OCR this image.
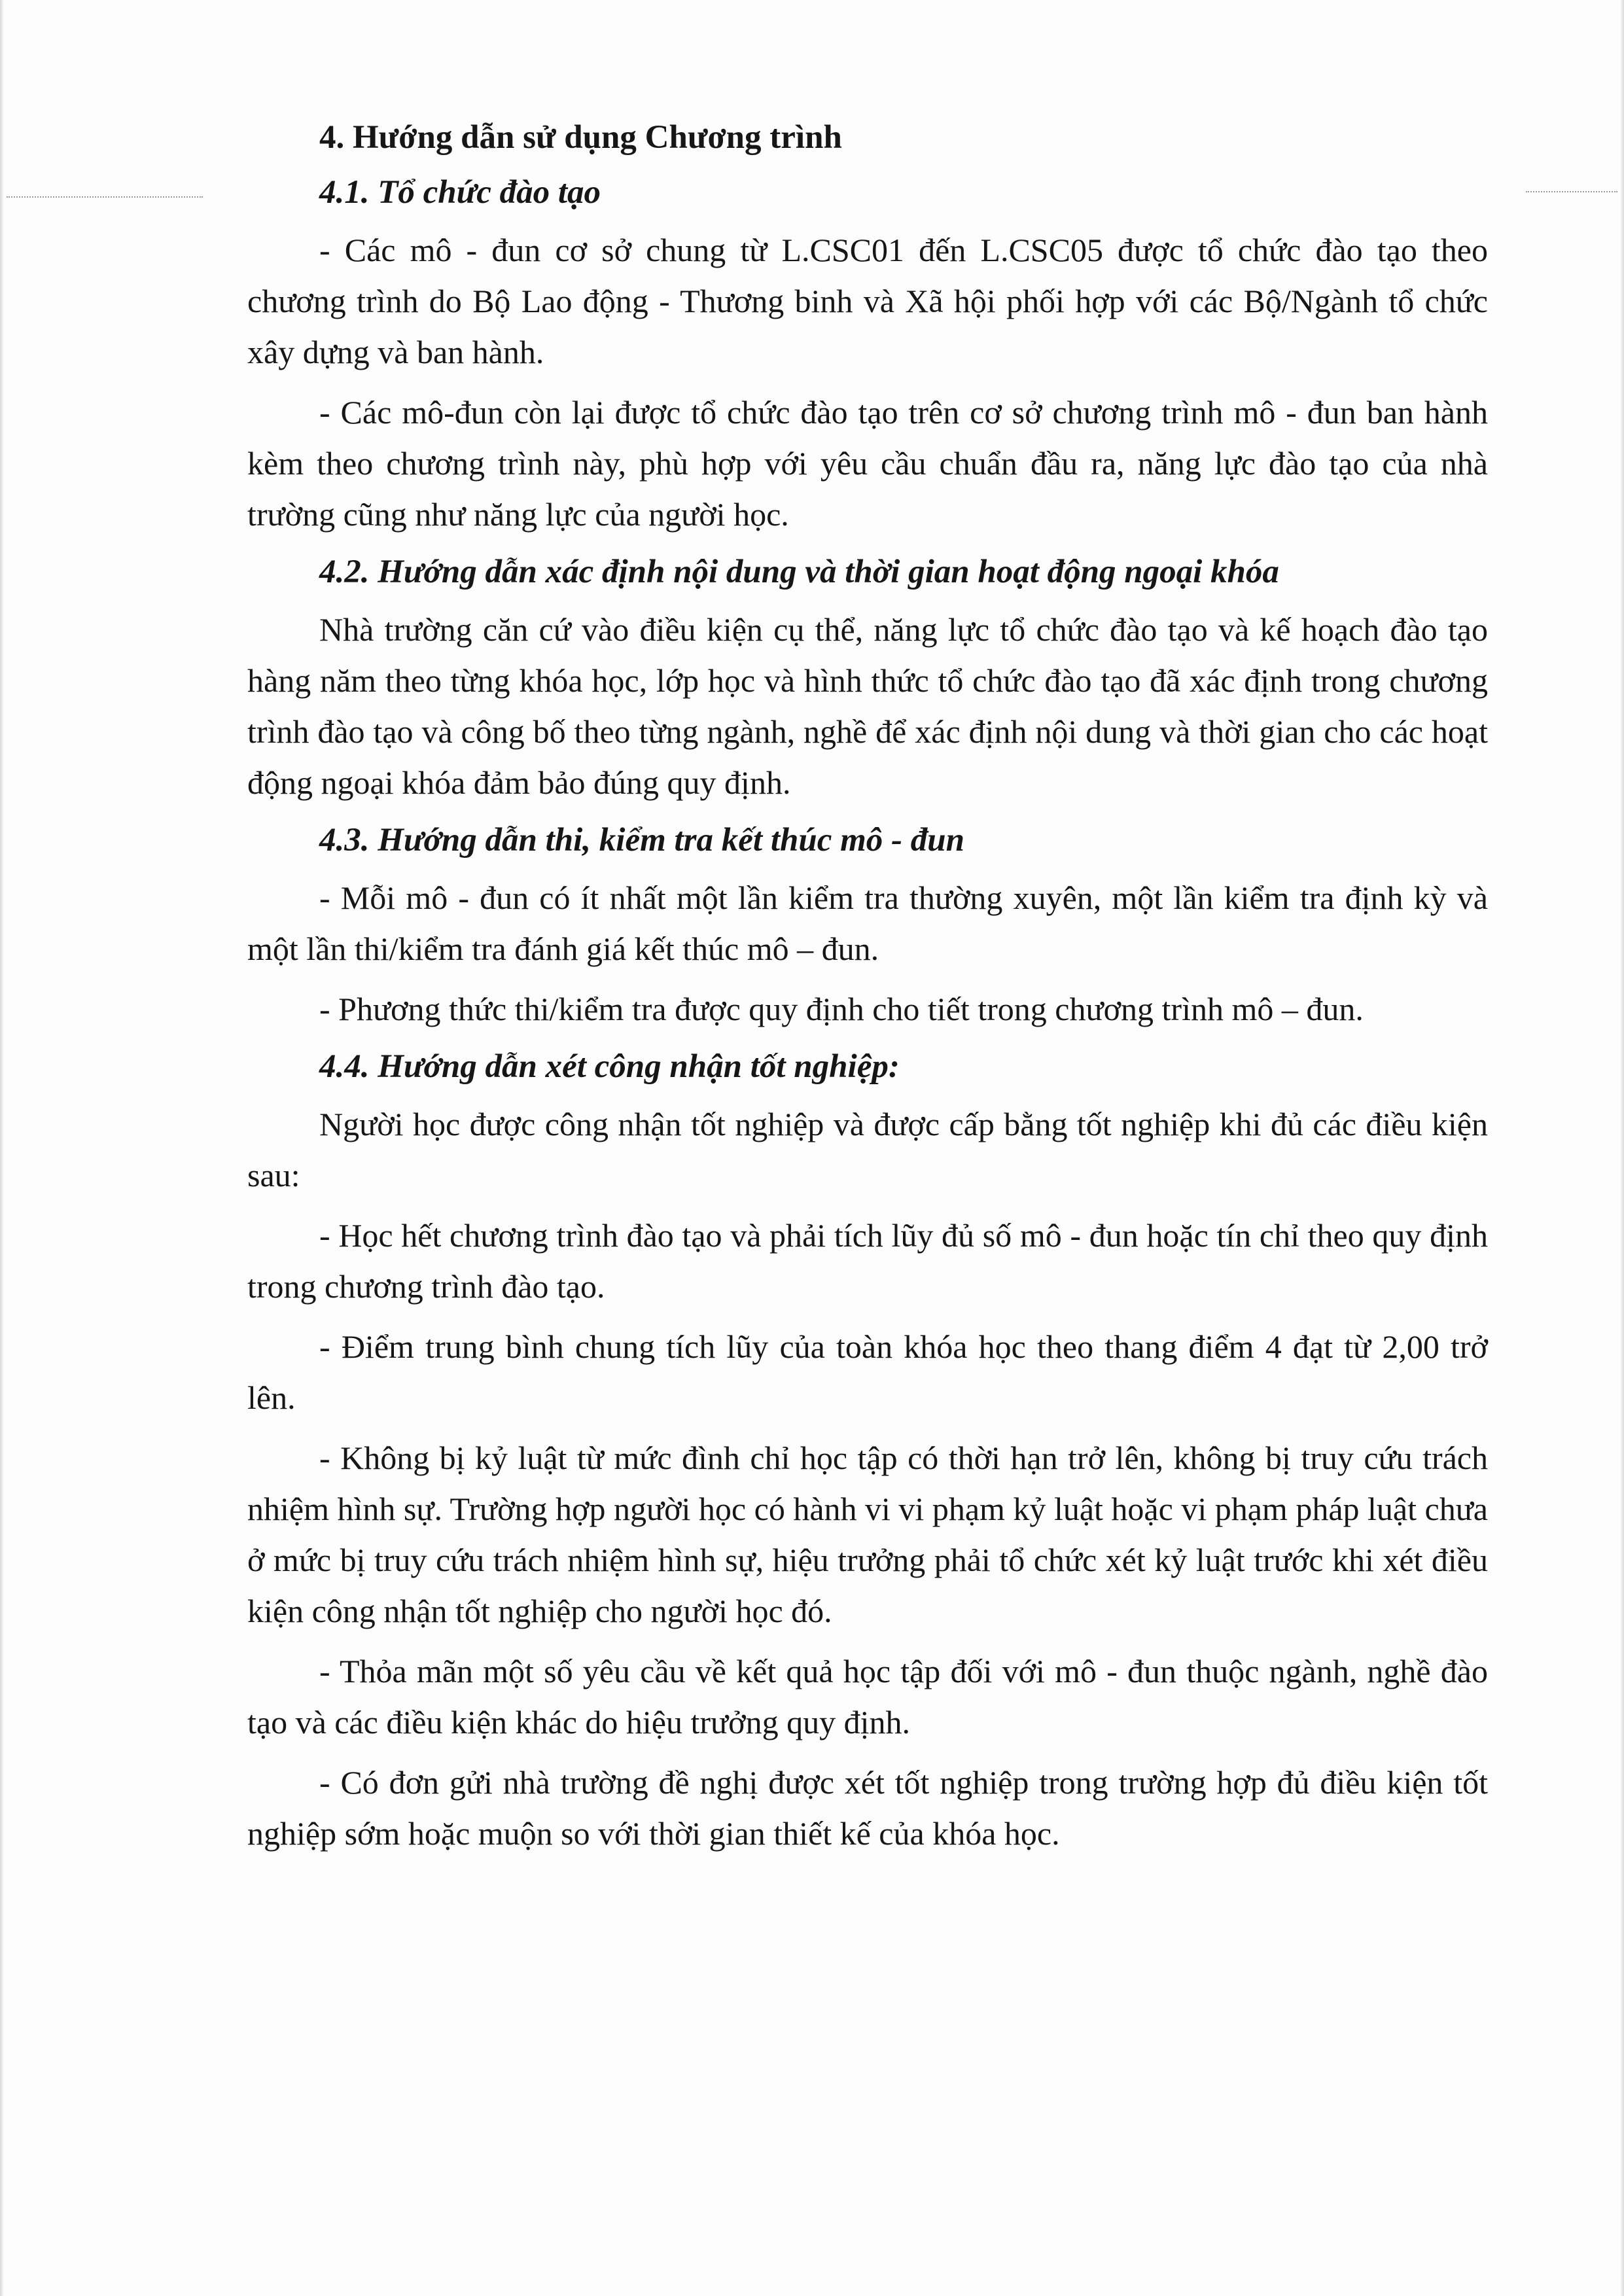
4. Hướng dẫn sử dụng Chương trình
4.1. Tổ chức đào tạo

- Các mô - đun cơ sở chung từ L.CSC01 đến L.CSC05 được tổ chức đào tạo theo chương trình do Bộ Lao động - Thương binh và Xã hội phối hợp với các Bộ/Ngành tổ chức xây dựng và ban hành.

- Các mô-đun còn lại được tổ chức đào tạo trên cơ sở chương trình mô - đun ban hành kèm theo chương trình này, phù hợp với yêu cầu chuẩn đầu ra, năng lực đào tạo của nhà trường cũng như năng lực của người học.

4.2. Hướng dẫn xác định nội dung và thời gian hoạt động ngoại khóa

Nhà trường căn cứ vào điều kiện cụ thể, năng lực tổ chức đào tạo và kế hoạch đào tạo hàng năm theo từng khóa học, lớp học và hình thức tổ chức đào tạo đã xác định trong chương trình đào tạo và công bố theo từng ngành, nghề để xác định nội dung và thời gian cho các hoạt động ngoại khóa đảm bảo đúng quy định.

4.3. Hướng dẫn thi, kiểm tra kết thúc mô - đun

- Mỗi mô - đun có ít nhất một lần kiểm tra thường xuyên, một lần kiểm tra định kỳ và một lần thi/kiểm tra đánh giá kết thúc mô – đun.

- Phương thức thi/kiểm tra được quy định cho tiết trong chương trình mô – đun.

4.4. Hướng dẫn xét công nhận tốt nghiệp:

Người học được công nhận tốt nghiệp và được cấp bằng tốt nghiệp khi đủ các điều kiện sau:

- Học hết chương trình đào tạo và phải tích lũy đủ số mô - đun hoặc tín chỉ theo quy định trong chương trình đào tạo.

- Điểm trung bình chung tích lũy của toàn khóa học theo thang điểm 4 đạt từ 2,00 trở lên.

- Không bị kỷ luật từ mức đình chỉ học tập có thời hạn trở lên, không bị truy cứu trách nhiệm hình sự. Trường hợp người học có hành vi vi phạm kỷ luật hoặc vi phạm pháp luật chưa ở mức bị truy cứu trách nhiệm hình sự, hiệu trưởng phải tổ chức xét kỷ luật trước khi xét điều kiện công nhận tốt nghiệp cho người học đó.

- Thỏa mãn một số yêu cầu về kết quả học tập đối với mô - đun thuộc ngành, nghề đào tạo và các điều kiện khác do hiệu trưởng quy định.

- Có đơn gửi nhà trường đề nghị được xét tốt nghiệp trong trường hợp đủ điều kiện tốt nghiệp sớm hoặc muộn so với thời gian thiết kế của khóa học.
